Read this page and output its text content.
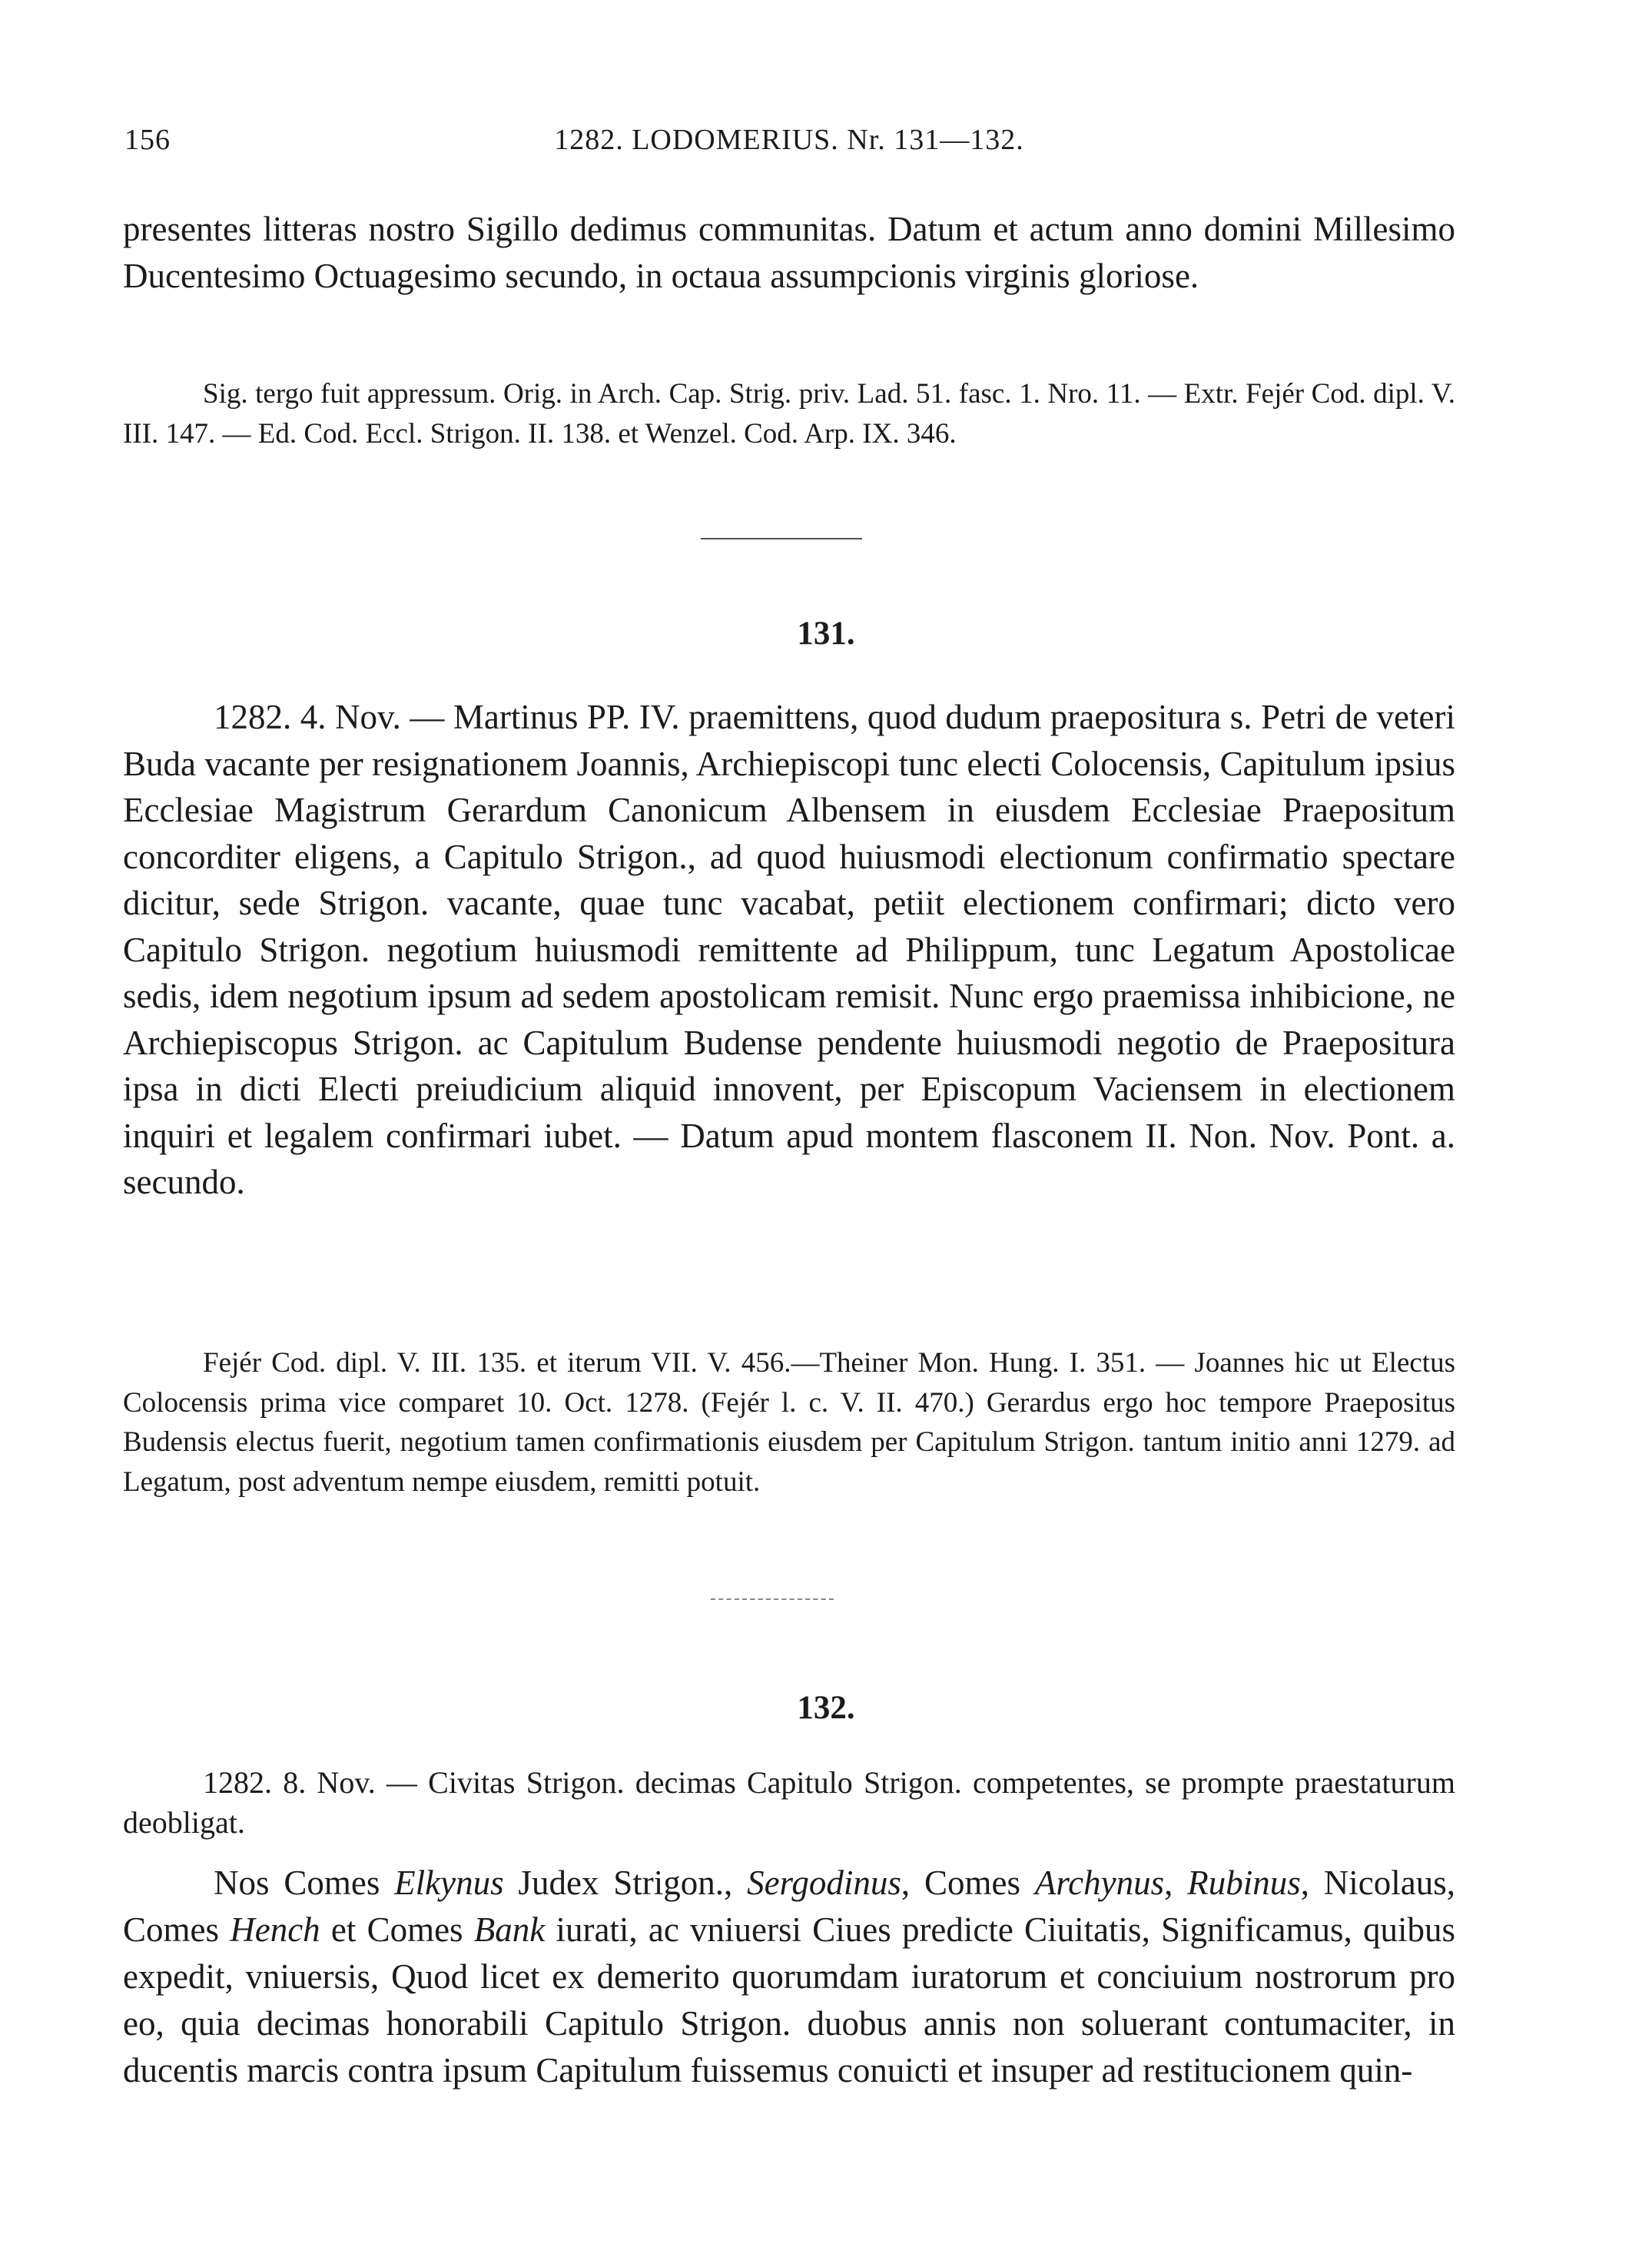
156	1282. LODOMERIUS. Nr. 131—132.

presentes litteras nostro Sigillo dedimus communitas. Datum et actum anno domini Millesimo Ducentesimo Octuagesimo secundo, in octaua assumpcionis virginis gloriose.

Sig. tergo fuit appressum. Orig. in Arch. Cap. Strig. priv. Lad. 51. fasc. 1. Nro. 11. — Extr. Fejér Cod. dipl. V. III. 147. — Ed. Cod. Eccl. Strigon. II. 138. et Wenzel. Cod. Arp. IX. 346.

131.

1282. 4. Nov. — Martinus PP. IV. praemittens, quod dudum praepositura s. Petri de veteri Buda vacante per resignationem Joannis, Archiepiscopi tunc electi Colocensis, Capitulum ipsius Ecclesiae Magistrum Gerardum Canonicum Albensem in eiusdem Ecclesiae Praepositum concorditer eligens, a Capitulo Strigon., ad quod huiusmodi electionum confirmatio spectare dicitur, sede Strigon. vacante, quae tunc vacabat, petiit electionem confirmari; dicto vero Capitulo Strigon. negotium huiusmodi remittente ad Philippum, tunc Legatum Apostolicae sedis, idem negotium ipsum ad sedem apostolicam remisit. Nunc ergo praemissa inhibicione, ne Archiepiscopus Strigon. ac Capitulum Budense pendente huiusmodi negotio de Praepositura ipsa in dicti Electi preiudicium aliquid innovent, per Episcopum Vaciensem in electionem inquiri et legalem confirmari iubet. — Datum apud montem flasconem II. Non. Nov. Pont. a. secundo.

Fejér Cod. dipl. V. III. 135. et iterum VII. V. 456.—Theiner Mon. Hung. I. 351. — Joannes hic ut Electus Colocensis prima vice comparet 10. Oct. 1278. (Fejér l. c. V. II. 470.) Gerardus ergo hoc tempore Praepositus Budensis electus fuerit, negotium tamen confirmationis eiusdem per Capitulum Strigon. tantum initio anni 1279. ad Legatum, post adventum nempe eiusdem, remitti potuit.

132.

1282. 8. Nov. — Civitas Strigon. decimas Capitulo Strigon. competentes, se prompte praestaturum deobligat.

Nos Comes Elkynus Judex Strigon., Sergodinus, Comes Archynus, Rubinus, Nicolaus, Comes Hench et Comes Bank iurati, ac vniuersi Ciues predicte Ciuitatis, Significamus, quibus expedit, vniuersis, Quod licet ex demerito quorumdam iuratorum et conciuium nostrorum pro eo, quia decimas honorabili Capitulo Strigon. duobus annis non soluerant contumaciter, in ducentis marcis contra ipsum Capitulum fuissemus conuicti et insuper ad restitucionem quin-
